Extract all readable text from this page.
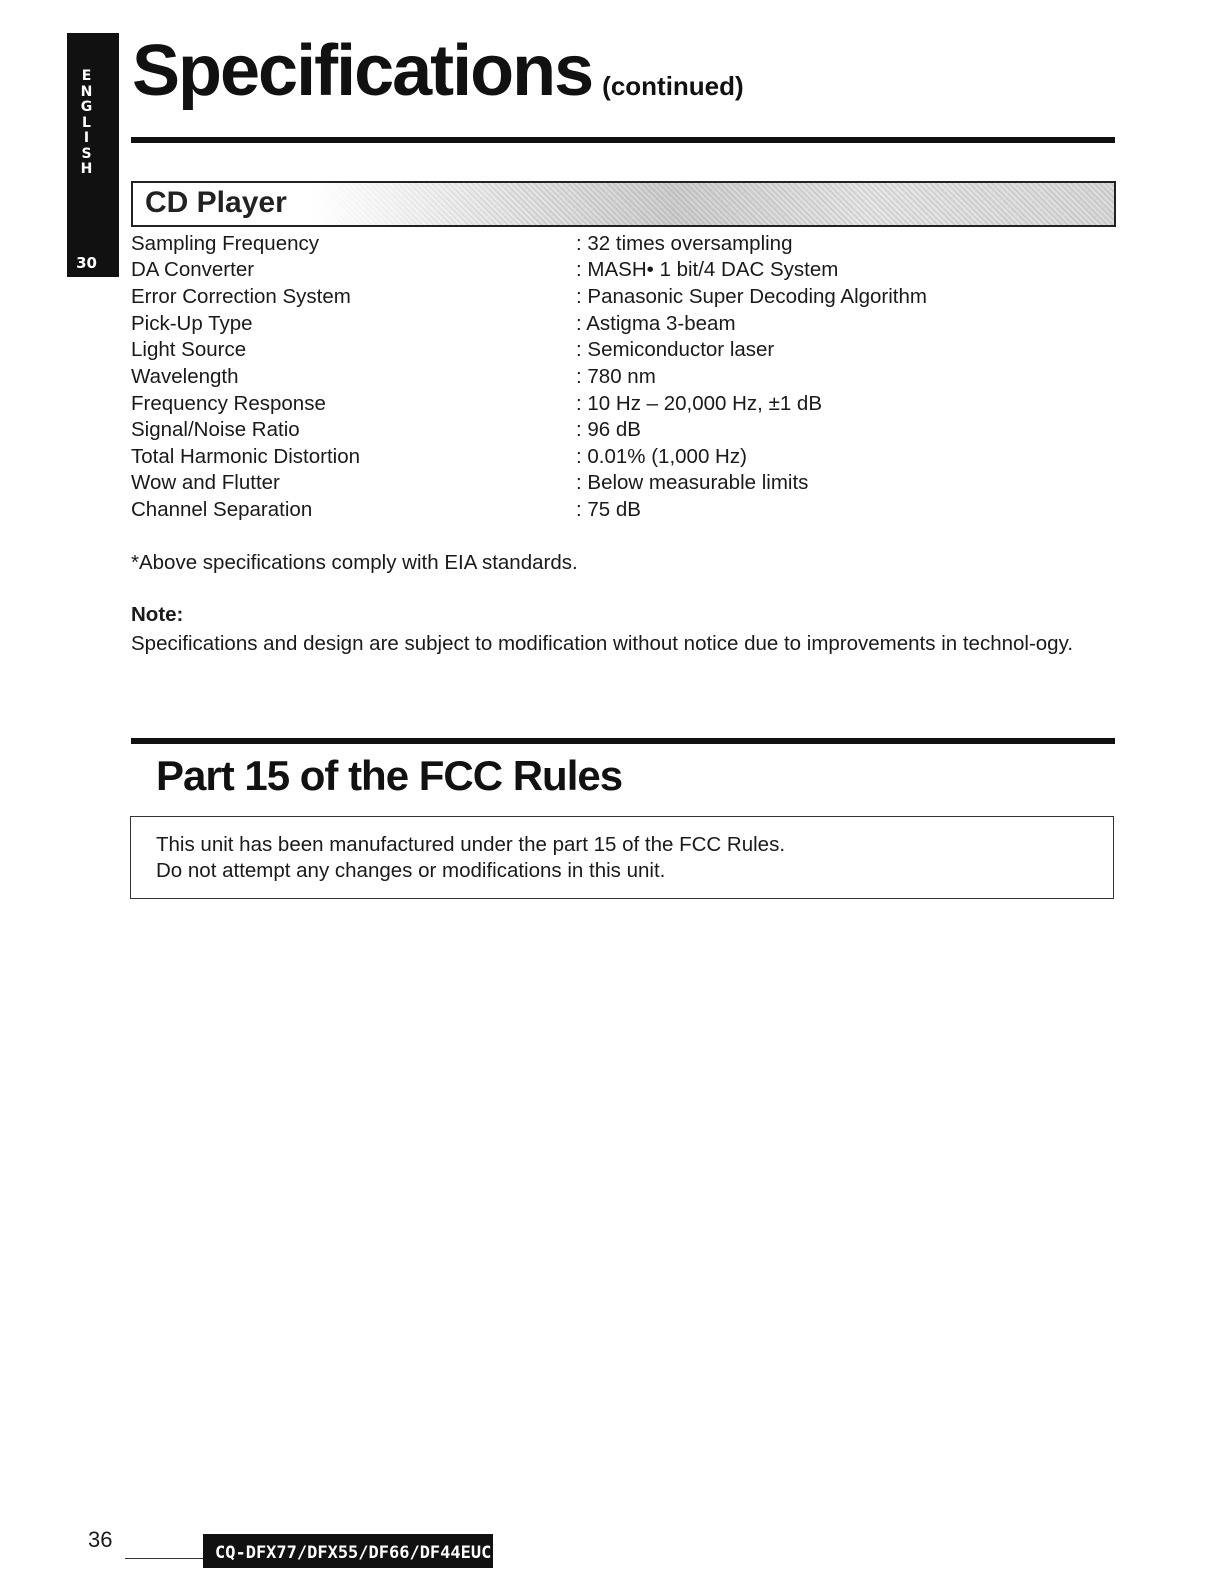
E
N
G
L
I
S
H
30
Specifications (continued)
CD Player
Sampling Frequency	: 32 times oversampling
DA Converter	: MASH• 1 bit/4 DAC System
Error Correction System	: Panasonic Super Decoding Algorithm
Pick-Up Type	: Astigma 3-beam
Light Source	: Semiconductor laser
Wavelength	: 780 nm
Frequency Response	: 10 Hz – 20,000 Hz, ±1 dB
Signal/Noise Ratio	: 96 dB
Total Harmonic Distortion	: 0.01% (1,000 Hz)
Wow and Flutter	: Below measurable limits
Channel Separation	: 75 dB
*Above specifications comply with EIA standards.
Note:
Specifications and design are subject to modification without notice due to improvements in technol-ogy.
Part 15 of the FCC Rules
This unit has been manufactured under the part 15 of the FCC Rules.
Do not attempt any changes or modifications in this unit.
36
CQ-DFX77/DFX55/DF66/DF44EUC
